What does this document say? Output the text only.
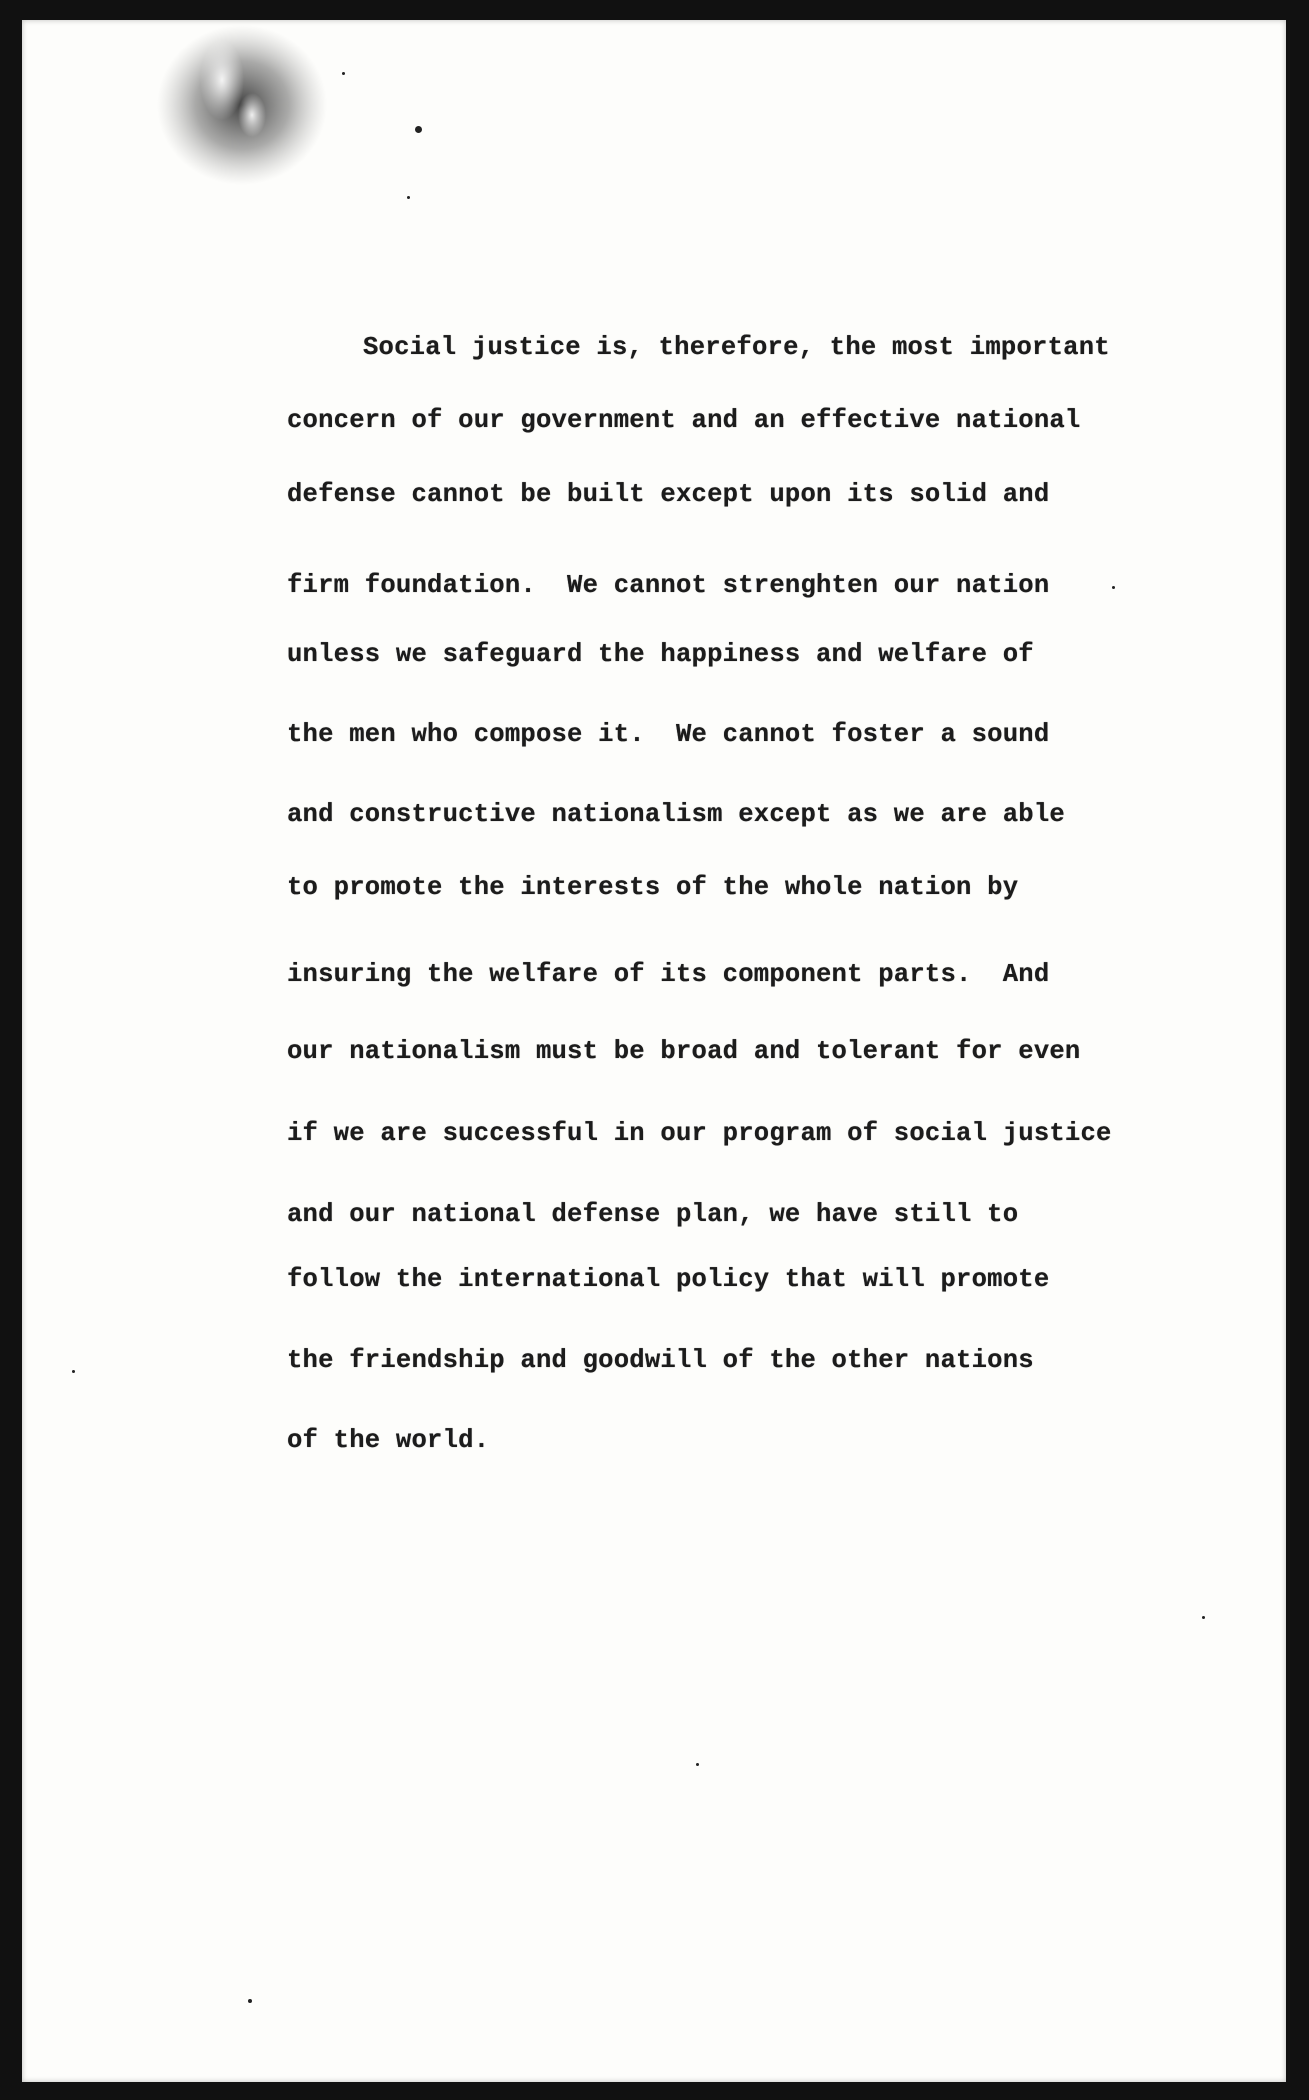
Social justice is, therefore, the most important
concern of our government and an effective national
defense cannot be built except upon its solid and
firm foundation.  We cannot strenghten our nation
unless we safeguard the happiness and welfare of
the men who compose it.  We cannot foster a sound
and constructive nationalism except as we are able
to promote the interests of the whole nation by
insuring the welfare of its component parts.  And
our nationalism must be broad and tolerant for even
if we are successful in our program of social justice
and our national defense plan, we have still to
follow the international policy that will promote
the friendship and goodwill of the other nations
of the world.
